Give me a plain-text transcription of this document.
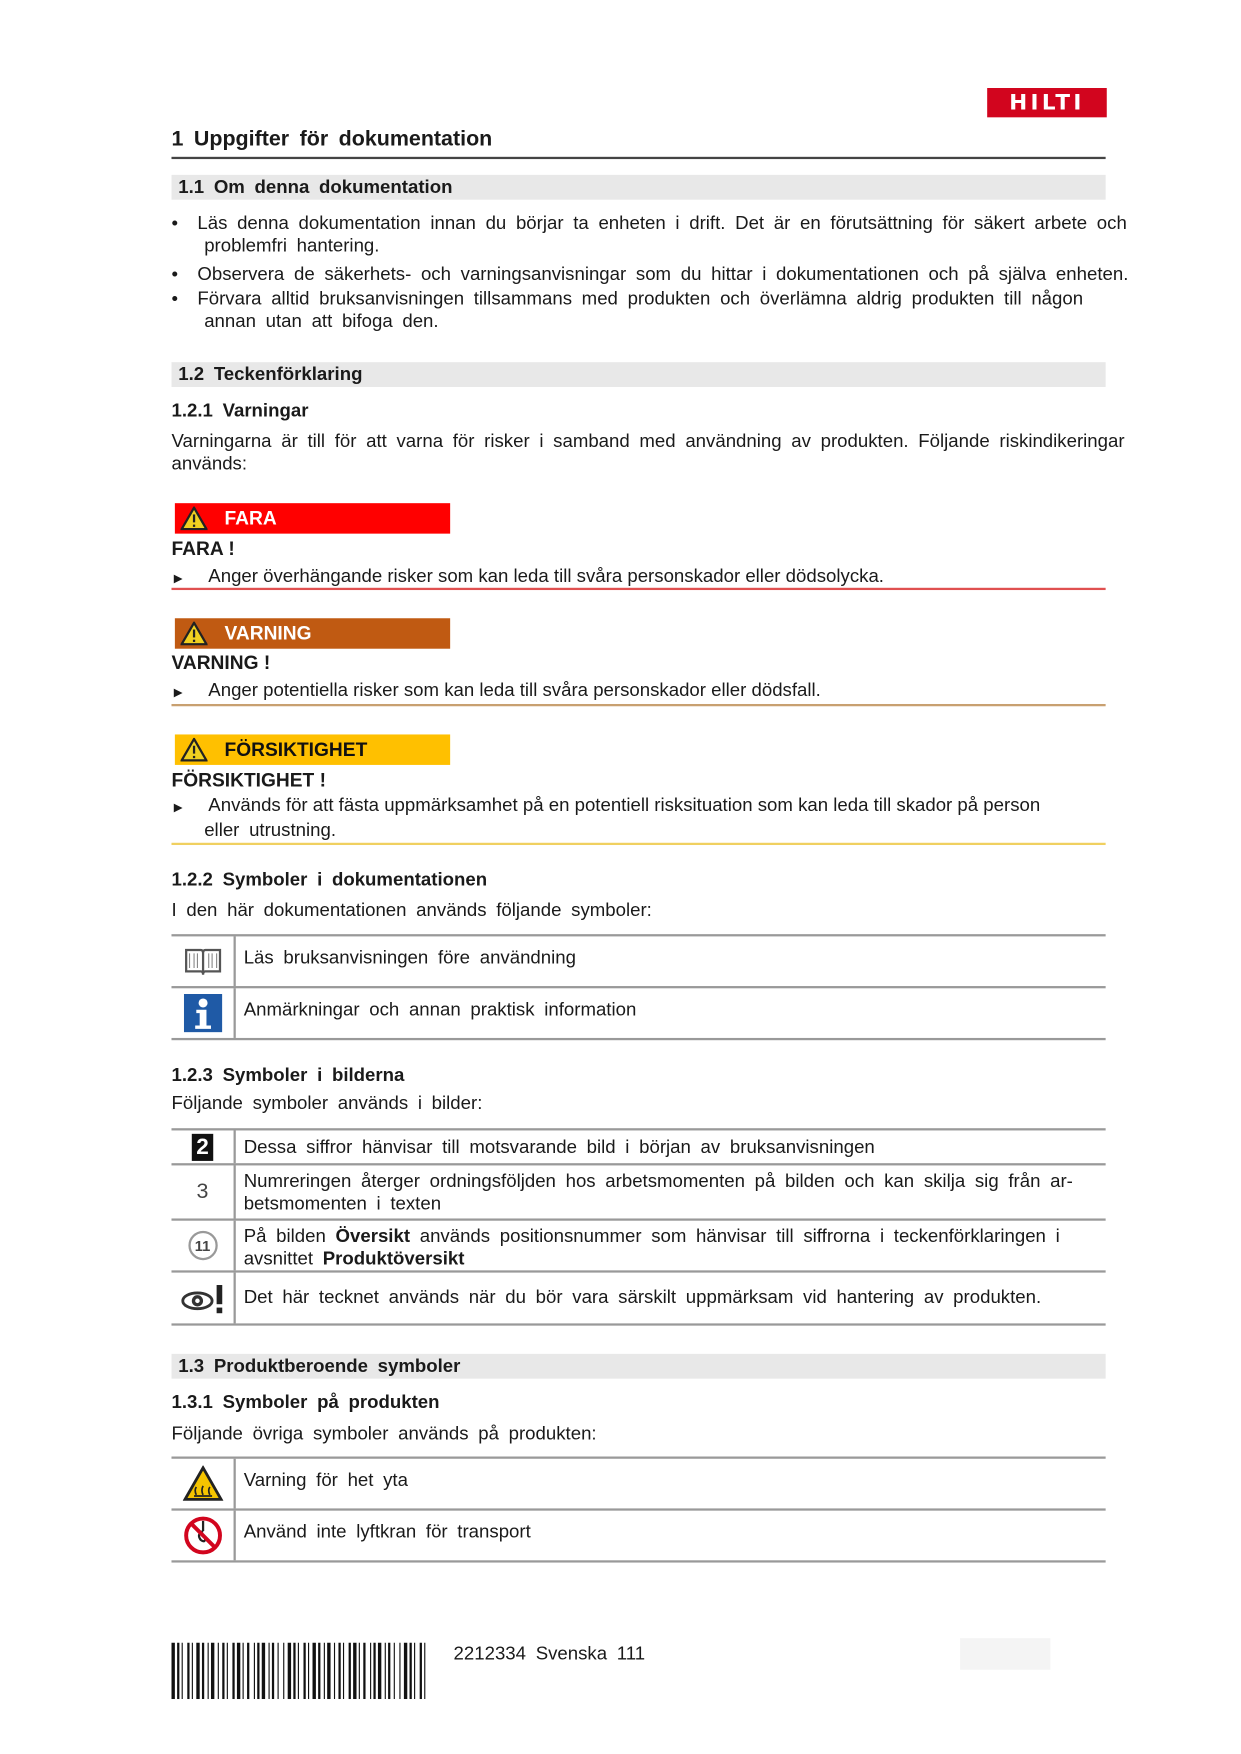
HILTI
1 Uppgifter för dokumentation
1.1 Om denna dokumentation
•  Läs denna dokumentation innan du börjar ta enheten i drift. Det är en förutsättning för säkert arbete och
problemfri hantering.
•  Observera de säkerhets- och varningsanvisningar som du hittar i dokumentationen och på själva enheten.
•  Förvara alltid bruksanvisningen tillsammans med produkten och överlämna aldrig produkten till någon
annan utan att bifoga den.
1.2 Teckenförklaring
1.2.1 Varningar
Varningarna är till för att varna för risker i samband med användning av produkten. Följande riskindikeringar
används:
FARA
FARA !
▶ Anger överhängande risker som kan leda till svåra personskador eller dödsolycka.
VARNING
VARNING !
▶ Anger potentiella risker som kan leda till svåra personskador eller dödsfall.
FÖRSIKTIGHET
FÖRSIKTIGHET !
▶ Används för att fästa uppmärksamhet på en potentiell risksituation som kan leda till skador på person
eller utrustning.
1.2.2 Symboler i dokumentationen
I den här dokumentationen används följande symboler:
Läs bruksanvisningen före användning
Anmärkningar och annan praktisk information
1.2.3 Symboler i bilderna
Följande symboler används i bilder:
2 Dessa siffror hänvisar till motsvarande bild i början av bruksanvisningen
3 Numreringen återger ordningsföljden hos arbetsmomenten på bilden och kan skilja sig från ar-
betsmomenten i texten
11	På bilden Översikt används positionsnummer som hänvisar till siffrorna i teckenförklaringen i
avsnittet Produktöversikt
Det här tecknet används när du bör vara särskilt uppmärksam vid hantering av produkten.
1.3 Produktberoende symboler
1.3.1 Symboler på produkten
Följande övriga symboler används på produkten:
Varning för het yta
Använd inte lyftkran för transport
2212334 Svenska 111
